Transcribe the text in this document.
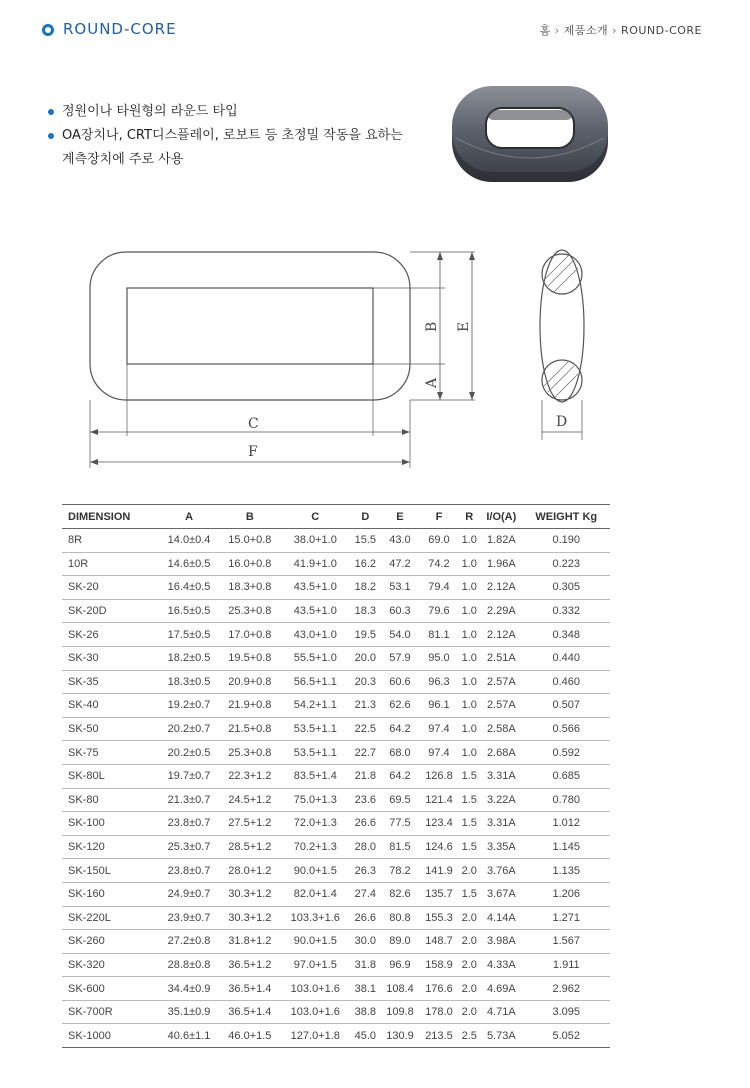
ROUND-CORE	홈 › 제품소개 › ROUND-CORE
정원이나 타원형의 라운드 타입
OA장치나, CRT디스플레이, 로보트 등 초정밀 작동을 요하는
계측장치에 주로 사용
C
F
A
B E
D
DIMENSION	A	B	C	D	E	F	R	I/O(A)	WEIGHT Kg
8R	14.0±0.4	15.0+0.8	38.0+1.0	15.5	43.0	69.0	1.0	1.82A	0.190
10R	14.6±0.5	16.0+0.8	41.9+1.0	16.2	47.2	74.2	1.0	1.96A	0.223
SK-20	16.4±0.5	18.3+0.8	43.5+1.0	18.2	53.1	79.4	1.0	2.12A	0.305
SK-20D	16.5±0.5	25.3+0.8	43.5+1.0	18.3	60.3	79.6	1.0	2.29A	0.332
SK-26	17.5±0.5	17.0+0.8	43.0+1.0	19.5	54.0	81.1	1.0	2.12A	0.348
SK-30	18.2±0.5	19.5+0.8	55.5+1.0	20.0	57.9	95.0	1.0	2.51A	0.440
SK-35	18.3±0.5	20.9+0.8	56.5+1.1	20.3	60.6	96.3	1.0	2.57A	0.460
SK-40	19.2±0.7	21.9+0.8	54.2+1.1	21.3	62.6	96.1	1.0	2.57A	0.507
SK-50	20.2±0.7	21.5+0.8	53.5+1.1	22.5	64.2	97.4	1.0	2.58A	0.566
SK-75	20.2±0.5	25.3+0.8	53.5+1.1	22.7	68.0	97.4	1.0	2.68A	0.592
SK-80L	19.7±0.7	22.3+1.2	83.5+1.4	21.8	64.2	126.8	1.5	3.31A	0.685
SK-80	21.3±0.7	24.5+1.2	75.0+1.3	23.6	69.5	121.4	1.5	3.22A	0.780
SK-100	23.8±0.7	27.5+1.2	72.0+1.3	26.6	77.5	123.4	1.5	3.31A	1.012
SK-120	25.3±0.7	28.5+1.2	70.2+1.3	28.0	81.5	124.6	1.5	3.35A	1.145
SK-150L	23.8±0.7	28.0+1.2	90.0+1.5	26.3	78.2	141.9	2.0	3.76A	1.135
SK-160	24.9±0.7	30.3+1.2	82.0+1.4	27.4	82.6	135.7	1.5	3.67A	1.206
SK-220L	23.9±0.7	30.3+1.2	103.3+1.6	26.6	80.8	155.3	2.0	4.14A	1.271
SK-260	27.2±0.8	31.8+1.2	90.0+1.5	30.0	89.0	148.7	2.0	3.98A	1.567
SK-320	28.8±0.8	36.5+1.2	97.0+1.5	31.8	96.9	158.9	2.0	4.33A	1.911
SK-600	34.4±0.9	36.5+1.4	103.0+1.6	38.1	108.4	176.6	2.0	4.69A	2.962
SK-700R	35.1±0.9	36.5+1.4	103.0+1.6	38.8	109.8	178.0	2.0	4.71A	3.095
SK-1000	40.6±1.1	46.0+1.5	127.0+1.8	45.0	130.9	213.5	2.5	5.73A	5.052
